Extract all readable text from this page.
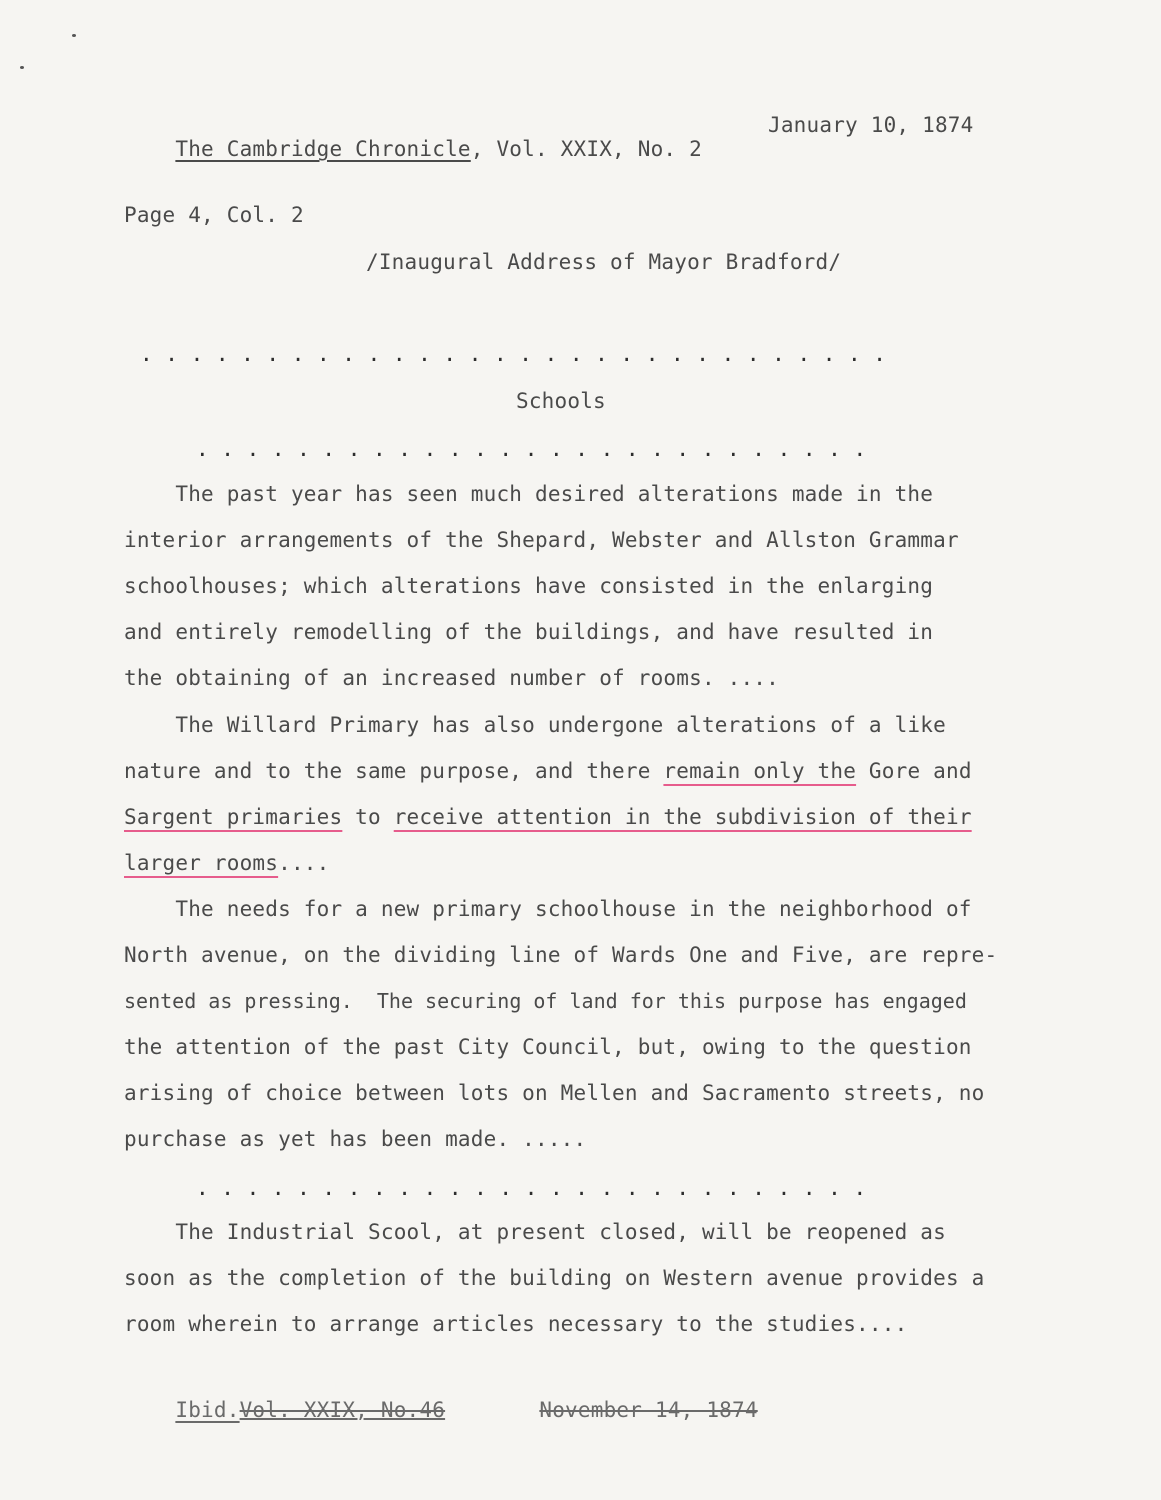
The Cambridge Chronicle, Vol. XXIX, No. 2

January 10, 1874
Page 4, Col. 2
/Inaugural Address of Mayor Bradford/
. . . . . . . . . . . . . . . . . . . . . . . . . . . . . .
Schools
. . . . . . . . . . . . . . . . . . . . . . . . . . .
The past year has seen much desired alterations made in the
interior arrangements of the Shepard, Webster and Allston Grammar
schoolhouses; which alterations have consisted in the enlarging
and entirely remodelling of the buildings, and have resulted in
the obtaining of an increased number of rooms. ....
The Willard Primary has also undergone alterations of a like
nature and to the same purpose, and there remain only the Gore and
Sargent primaries to receive attention in the subdivision of their
larger rooms....
The needs for a new primary schoolhouse in the neighborhood of
North avenue, on the dividing line of Wards One and Five, are repre-
sented as pressing.  The securing of land for this purpose has engaged
the attention of the past City Council, but, owing to the question
arising of choice between lots on Mellen and Sacramento streets, no
purchase as yet has been made. .....
. . . . . . . . . . . . . . . . . . . . . . . . . . .
The Industrial Scool, at present closed, will be reopened as
soon as the completion of the building on Western avenue provides a
room wherein to arrange articles necessary to the studies....

Ibid.Vol. XXIX, No.46
	November 14, 1874
